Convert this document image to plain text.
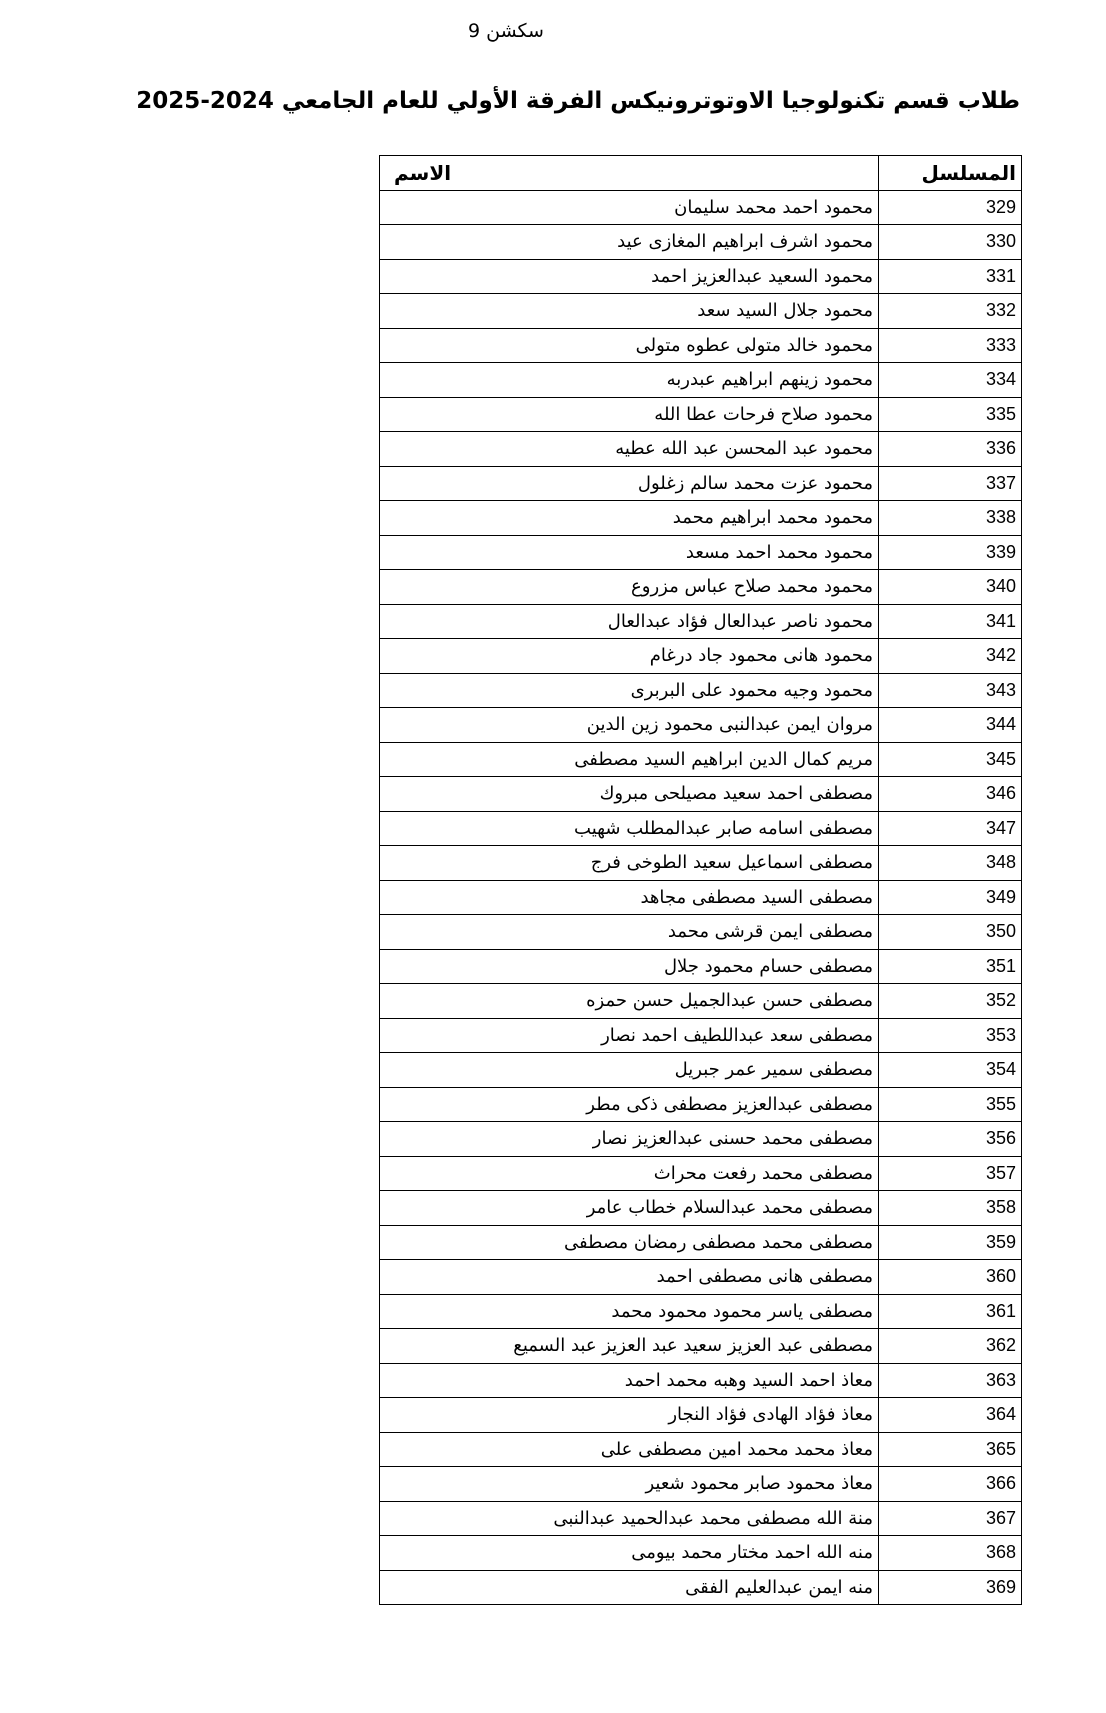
سكشن 9
طلاب قسم تكنولوجيا الاوتوترونيكس الفرقة الأولي للعام الجامعي 2024-2025
المسلسل	الاسم
329	محمود احمد محمد سليمان
330	محمود اشرف ابراهيم المغازى عيد
331	محمود السعيد عبدالعزيز احمد
332	محمود جلال السيد سعد
333	محمود خالد متولى عطوه متولى
334	محمود زينهم ابراهيم عبدربه
335	محمود صلاح فرحات عطا الله
336	محمود عبد المحسن عبد الله عطيه
337	محمود عزت محمد سالم زغلول
338	محمود محمد ابراهيم محمد
339	محمود محمد احمد مسعد
340	محمود محمد صلاح عباس مزروع
341	محمود ناصر عبدالعال فؤاد عبدالعال
342	محمود هانى محمود جاد درغام
343	محمود وجيه محمود على البربرى
344	مروان ايمن عبدالنبى محمود زين الدين
345	مريم كمال الدين ابراهيم السيد مصطفى
346	مصطفى احمد سعيد مصيلحى مبروك
347	مصطفى اسامه صابر عبدالمطلب شهيب
348	مصطفى اسماعيل سعيد الطوخى فرج
349	مصطفى السيد مصطفى مجاهد
350	مصطفى ايمن قرشى محمد
351	مصطفى حسام محمود جلال
352	مصطفى حسن عبدالجميل حسن حمزه
353	مصطفى سعد عبداللطيف احمد نصار
354	مصطفى سمير عمر جبريل
355	مصطفى عبدالعزيز مصطفى ذكى مطر
356	مصطفى محمد حسنى عبدالعزيز نصار
357	مصطفى محمد رفعت محراث
358	مصطفى محمد عبدالسلام خطاب عامر
359	مصطفى محمد مصطفى رمضان مصطفى
360	مصطفى هانى مصطفى احمد
361	مصطفى ياسر محمود محمود محمد
362	مصطفى عبد العزيز سعيد عبد العزيز عبد السميع
363	معاذ احمد السيد وهبه محمد احمد
364	معاذ فؤاد الهادى فؤاد النجار
365	معاذ محمد محمد امين مصطفى على
366	معاذ محمود صابر محمود شعير
367	منة الله مصطفى محمد عبدالحميد عبدالنبى
368	منه الله احمد مختار محمد بيومى
369	منه ايمن عبدالعليم الفقى
